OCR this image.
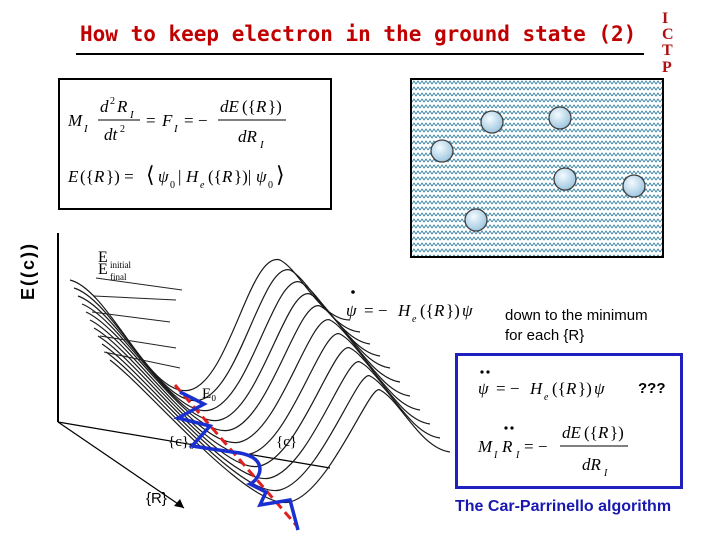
How to keep electron in the ground state (2)
I
C
T
P
M I
d 2 R I
dt 2 = F I = −
dE ({ R })
dR I
E ({ R }) = ⟨ ψ 0 | H e ({ R })| ψ 0 ⟩
E initial
E final
E₀
{c}₀	{c}
E((c))
{R}
ψ = − H e ({ R }) ψ down to the minimum
for each {R}
ψ = − H e ({ R }) ψ
M I R I = −
dE ({ R })
dR I
???
The Car-Parrinello algorithm
